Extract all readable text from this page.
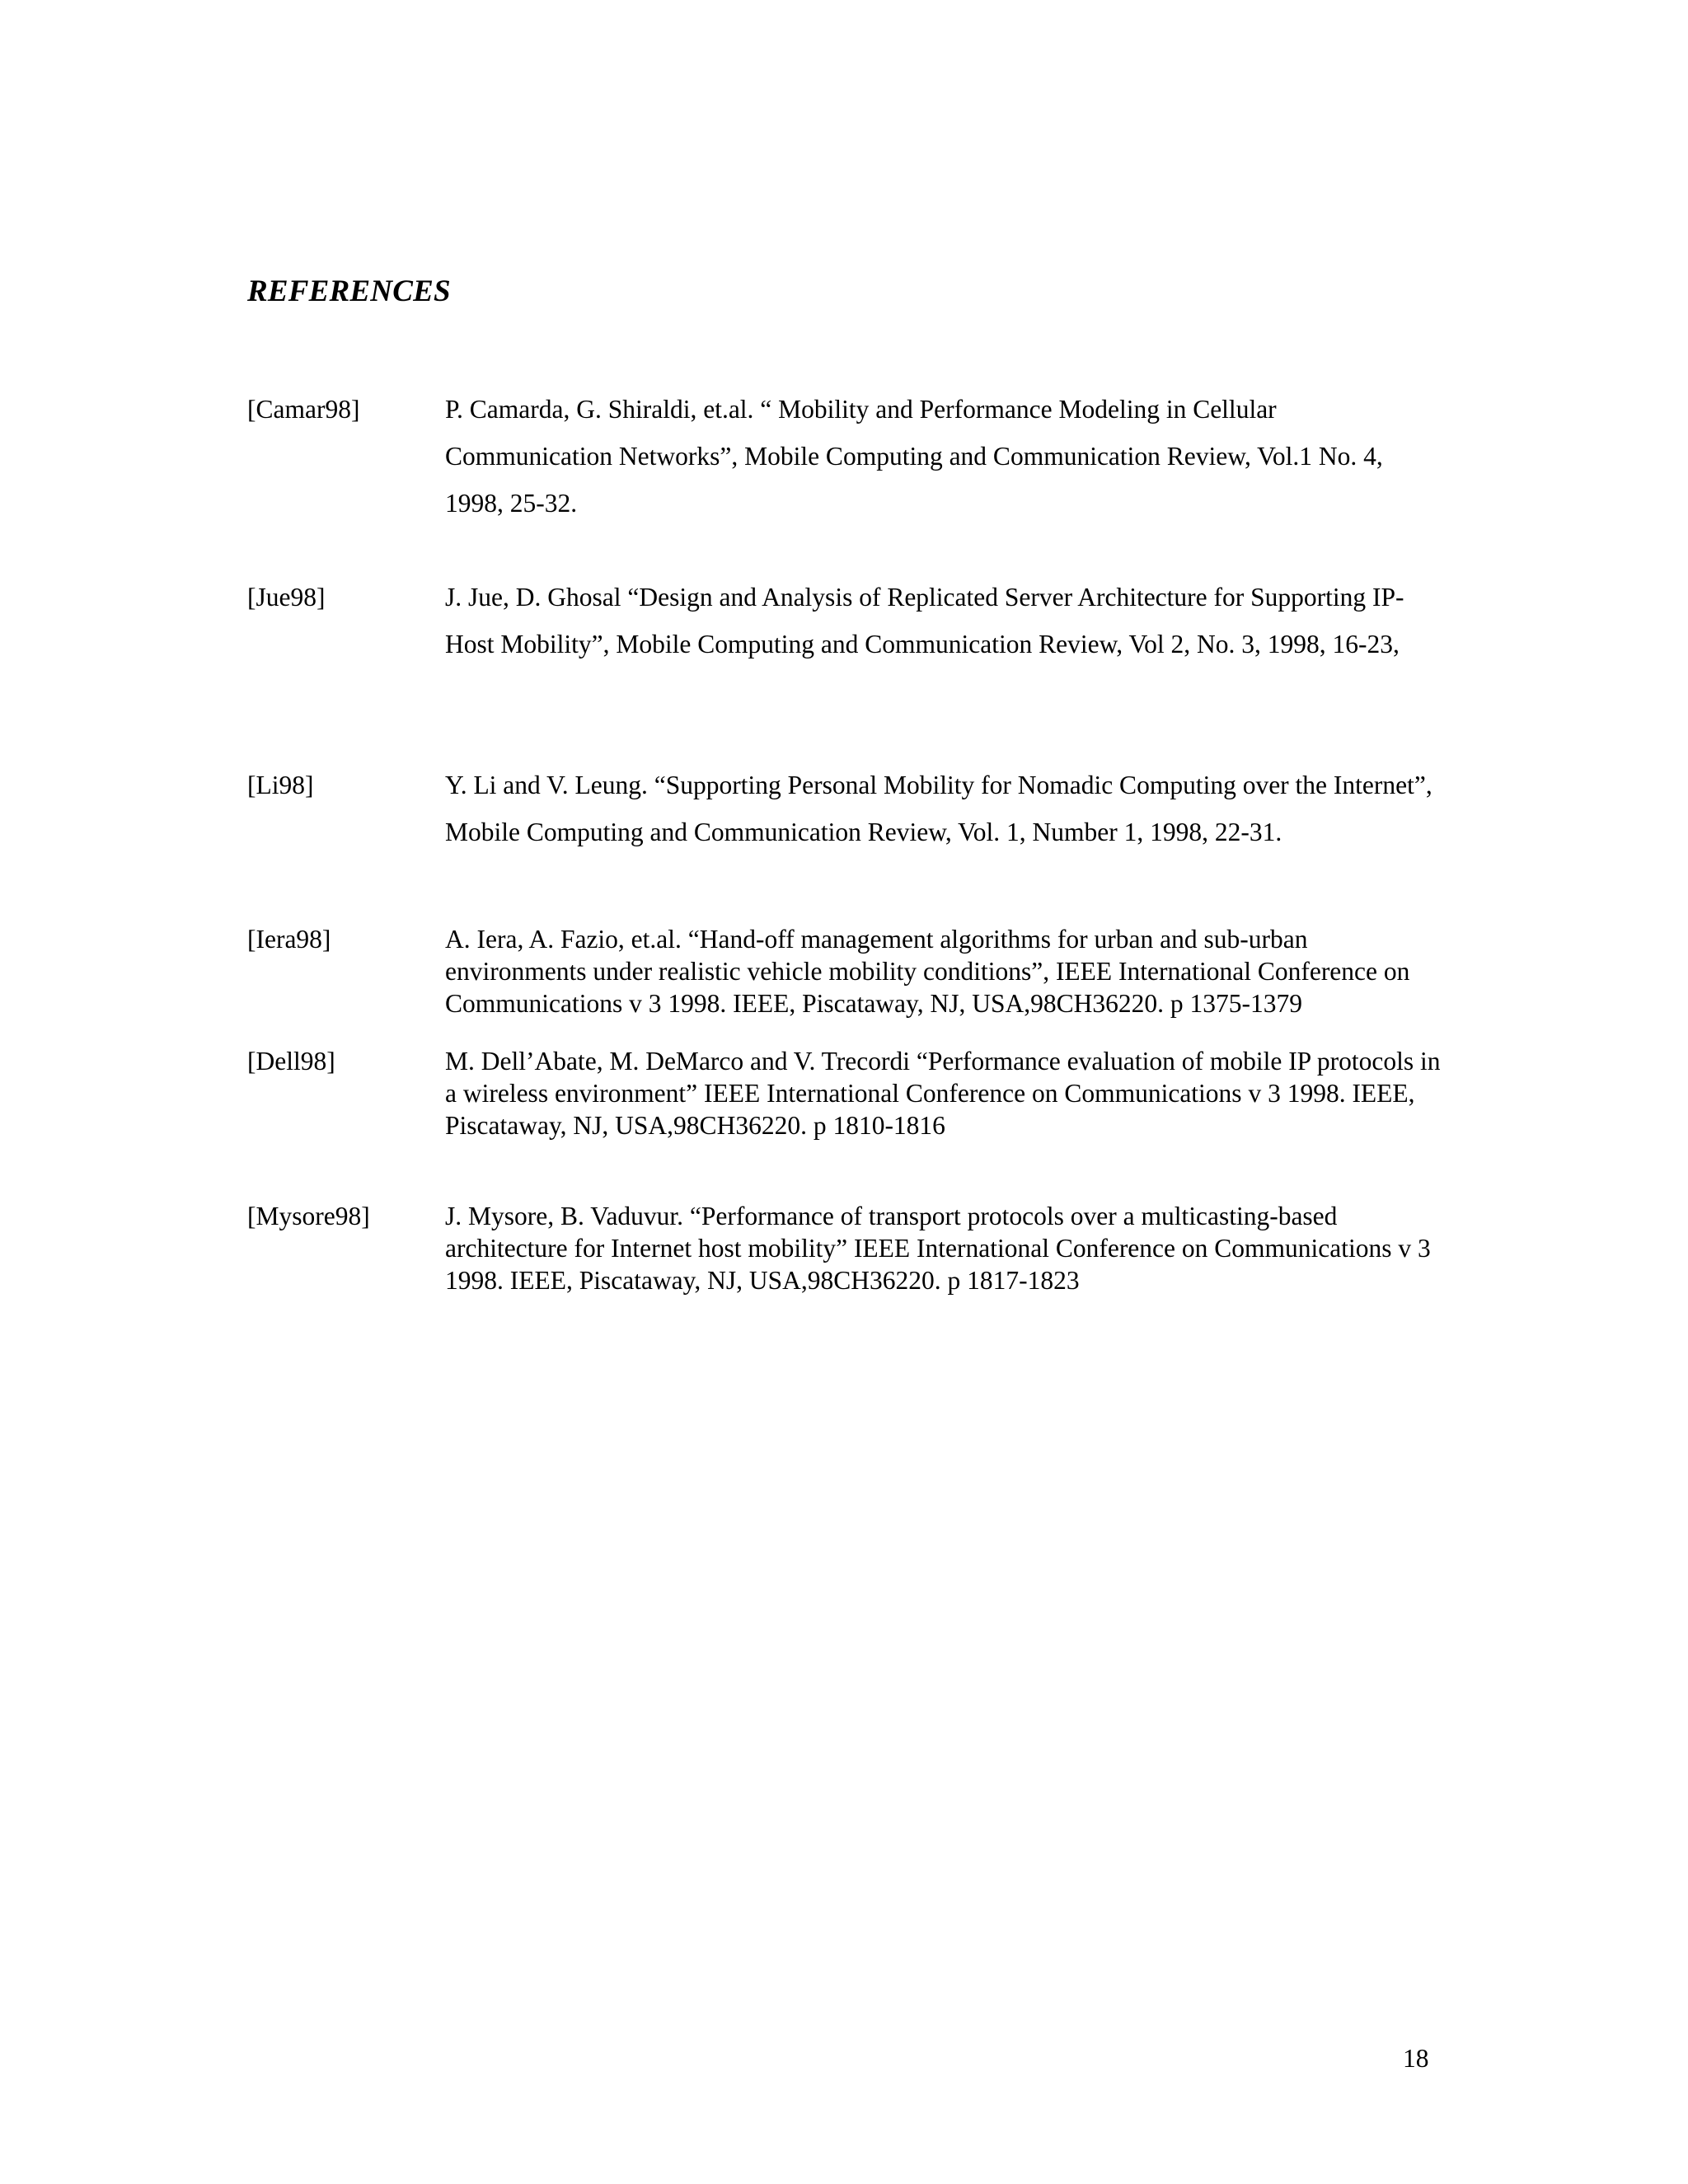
REFERENCES
[Camar98]	P. Camarda, G. Shiraldi, et.al. “ Mobility and Performance Modeling in Cellular Communication Networks”, Mobile Computing and Communication Review, Vol.1 No. 4, 1998, 25-32.
[Jue98]	J. Jue, D. Ghosal “Design and Analysis of Replicated Server Architecture for Supporting IP-Host Mobility”, Mobile Computing and Communication Review, Vol 2, No. 3, 1998, 16-23,
[Li98]	Y. Li and V. Leung. “Supporting Personal Mobility for Nomadic Computing over the Internet”, Mobile Computing and Communication Review, Vol. 1, Number 1, 1998, 22-31.
[Iera98]	A. Iera, A. Fazio, et.al. “Hand-off management algorithms for urban and sub-urban environments under realistic vehicle mobility conditions”, IEEE International Conference on Communications v 3 1998. IEEE, Piscataway, NJ, USA,98CH36220. p 1375-1379
[Dell98]	M. Dell’Abate, M. DeMarco and V. Trecordi “Performance evaluation of mobile IP protocols in a wireless environment” IEEE International Conference on Communications v 3 1998. IEEE, Piscataway, NJ, USA,98CH36220. p 1810-1816
[Mysore98]	J. Mysore, B. Vaduvur. “Performance of transport protocols over a multicasting-based architecture for Internet host mobility” IEEE International Conference on Communications v 3 1998. IEEE, Piscataway, NJ, USA,98CH36220. p 1817-1823
18
